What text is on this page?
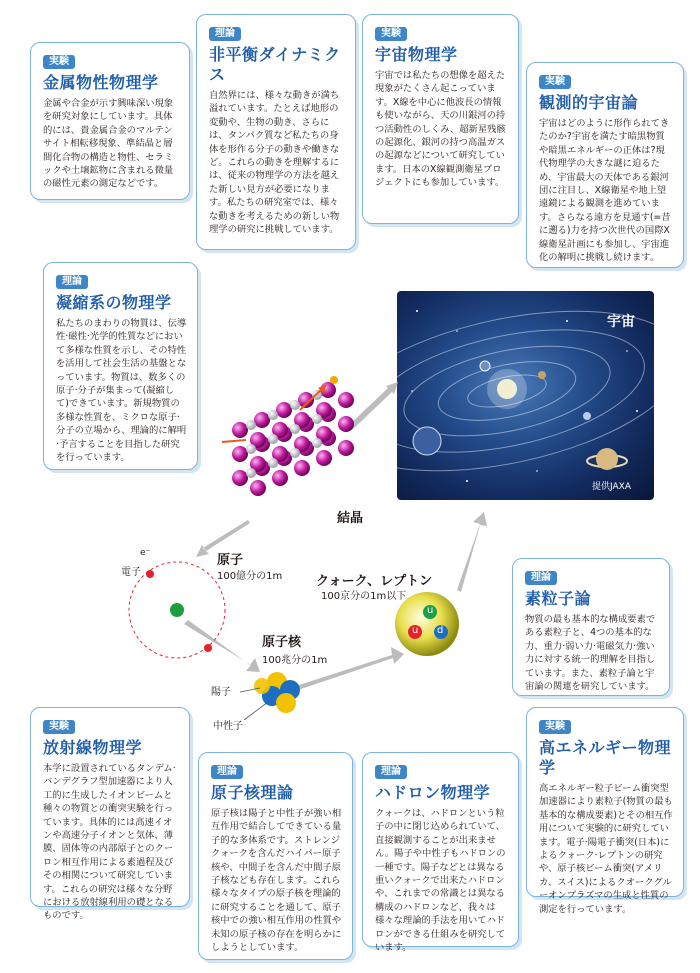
実験
金属物性物理学

金属や合金が示す興味深い現象を研究対象にしています。具体的には、貴金属合金のマルテンサイト相転移現象、準結晶と層間化合物の構造と物性、セラミックや土壌鉱物に含まれる微量の磁性元素の測定などです。

理論
非平衡ダイナミクス

自然界には、様々な動きが満ち溢れています。たとえば地形の変動や、生物の動き、さらには、タンパク質など私たちの身体を形作る分子の動きや働きなど。これらの動きを理解するには、従来の物理学の方法を越えた新しい見方が必要になります。私たちの研究室では、様々な動きを考えるための新しい物理学の研究に挑戦しています。

実験
宇宙物理学

宇宙では私たちの想像を超えた現象がたくさん起こっています。X線を中心に他波長の情報も使いながら、天の川銀河の持つ活動性のしくみ、超新星残骸の起源化、銀河の持つ高温ガスの起源などについて研究しています。日本のX線観測衛星プロジェクトにも参加しています。

実験
観測的宇宙論

宇宙はどのように形作られてきたのか?宇宙を満たす暗黒物質や暗黒エネルギーの正体は?現代物理学の大きな謎に迫るため、宇宙最大の天体である銀河団に注目し、X線衛星や地上望遠鏡による観測を進めています。さらなる遠方を見通す(=昔に遡る)力を持つ次世代の国際X線衛星計画にも参加し、宇宙進化の解明に挑戦し続けます。

理論
凝縮系の物理学

私たちのまわりの物質は、伝導性·磁性·光学的性質などにおいて多様な性質を示し、その特性を活用して社会生活の基盤となっています。物質は、数多くの原子·分子が集まって(凝縮して)できています。新規物質の多様な性質を、ミクロな原子·分子の立場から、理論的に解明·予言することを目指した研究を行っています。

理論
素粒子論

物質の最も基本的な構成要素である素粒子と、4つの基本的な力、重力·弱い力·電磁気力·強い力に対する統一的理解を目指しています。また、素粒子論と宇宙論の関連を研究しています。

実験
放射線物理学

本学に設置されているタンデム·バンデグラフ型加速器により人工的に生成したイオンビームと種々の物質との衝突実験を行っています。具体的には高速イオンや高速分子イオンと気体、薄膜、固体等の内部原子とのクーロン相互作用による素過程及びその相関について研究しています。これらの研究は様々な分野における放射線利用の礎となるものです。

理論
原子核理論

原子核は陽子と中性子が強い相互作用で結合してできている量子的な多体系です。ストレンジクォークを含んだハイパー原子核や、中間子を含んだ中間子原子核なども存在します。これら様々なタイプの原子核を理論的に研究することを通して、原子核中での強い相互作用の性質や未知の原子核の存在を明らかにしようとしています。

理論
ハドロン物理学

クォークは、ハドロンという粒子の中に閉じ込められていて、直接観測することが出来ません。陽子や中性子もハドロンの一種です。陽子などとは異なる重いクォークで出来たハドロンや、これまでの常識とは異なる構成のハドロンなど、我々は様々な理論的手法を用いてハドロンができる仕組みを研究しています。

実験
高エネルギー物理学

高エネルギー粒子ビーム衝突型加速器により素粒子(物質の最も基本的な構成要素)とその相互作用について実験的に研究しています。電子·陽電子衝突(日本)によるクォーク·レプトンの研究や、原子核ビーム衝突(アメリカ、スイス)によるクオークグルーオンプラズマの生成と性質の測定を行っています。

宇宙
提供JAXA
結晶
原子
100億分の1m
e⁻
電子
原子核
100兆分の1m
陽子
中性子
クォーク、レプトン
100京分の1m以下
u
u d
